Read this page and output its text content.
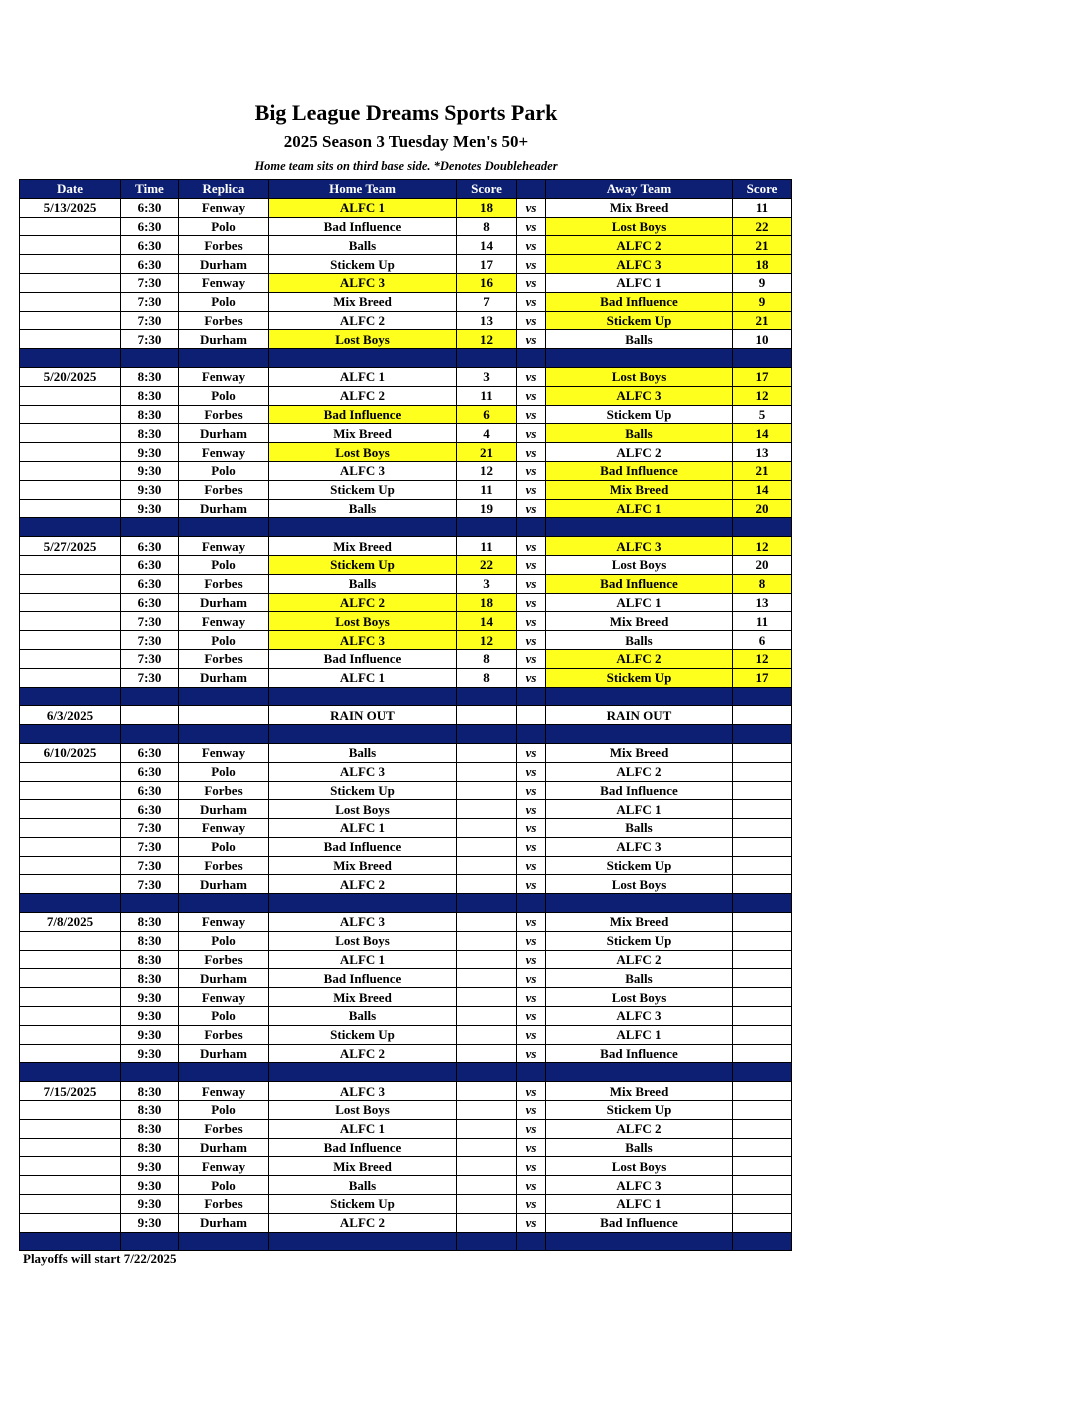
Big League Dreams Sports Park
2025 Season 3 Tuesday Men's 50+
Home team sits on third base side. *Denotes Doubleheader
Date	Time	Replica	Home Team	Score		Away Team	Score
5/13/2025	6:30	Fenway	ALFC 1	18	vs	Mix Breed	11
	6:30	Polo	Bad Influence	8	vs	Lost Boys	22
	6:30	Forbes	Balls	14	vs	ALFC 2	21
	6:30	Durham	Stickem Up	17	vs	ALFC 3	18
	7:30	Fenway	ALFC 3	16	vs	ALFC 1	9
	7:30	Polo	Mix Breed	7	vs	Bad Influence	9
	7:30	Forbes	ALFC 2	13	vs	Stickem Up	21
	7:30	Durham	Lost Boys	12	vs	Balls	10

5/20/2025	8:30	Fenway	ALFC 1	3	vs	Lost Boys	17
	8:30	Polo	ALFC 2	11	vs	ALFC 3	12
	8:30	Forbes	Bad Influence	6	vs	Stickem Up	5
	8:30	Durham	Mix Breed	4	vs	Balls	14
	9:30	Fenway	Lost Boys	21	vs	ALFC 2	13
	9:30	Polo	ALFC 3	12	vs	Bad Influence	21
	9:30	Forbes	Stickem Up	11	vs	Mix Breed	14
	9:30	Durham	Balls	19	vs	ALFC 1	20

5/27/2025	6:30	Fenway	Mix Breed	11	vs	ALFC 3	12
	6:30	Polo	Stickem Up	22	vs	Lost Boys	20
	6:30	Forbes	Balls	3	vs	Bad Influence	8
	6:30	Durham	ALFC 2	18	vs	ALFC 1	13
	7:30	Fenway	Lost Boys	14	vs	Mix Breed	11
	7:30	Polo	ALFC 3	12	vs	Balls	6
	7:30	Forbes	Bad Influence	8	vs	ALFC 2	12
	7:30	Durham	ALFC 1	8	vs	Stickem Up	17

6/3/2025			RAIN OUT			RAIN OUT	

6/10/2025	6:30	Fenway	Balls		vs	Mix Breed	
	6:30	Polo	ALFC 3		vs	ALFC 2	
	6:30	Forbes	Stickem Up		vs	Bad Influence	
	6:30	Durham	Lost Boys		vs	ALFC 1	
	7:30	Fenway	ALFC 1		vs	Balls	
	7:30	Polo	Bad Influence		vs	ALFC 3	
	7:30	Forbes	Mix Breed		vs	Stickem Up	
	7:30	Durham	ALFC 2		vs	Lost Boys	

7/8/2025	8:30	Fenway	ALFC 3		vs	Mix Breed	
	8:30	Polo	Lost Boys		vs	Stickem Up	
	8:30	Forbes	ALFC 1		vs	ALFC 2	
	8:30	Durham	Bad Influence		vs	Balls	
	9:30	Fenway	Mix Breed		vs	Lost Boys	
	9:30	Polo	Balls		vs	ALFC 3	
	9:30	Forbes	Stickem Up		vs	ALFC 1	
	9:30	Durham	ALFC 2		vs	Bad Influence	

7/15/2025	8:30	Fenway	ALFC 3		vs	Mix Breed	
	8:30	Polo	Lost Boys		vs	Stickem Up	
	8:30	Forbes	ALFC 1		vs	ALFC 2	
	8:30	Durham	Bad Influence		vs	Balls	
	9:30	Fenway	Mix Breed		vs	Lost Boys	
	9:30	Polo	Balls		vs	ALFC 3	
	9:30	Forbes	Stickem Up		vs	ALFC 1	
	9:30	Durham	ALFC 2		vs	Bad Influence	

Playoffs will start 7/22/2025
